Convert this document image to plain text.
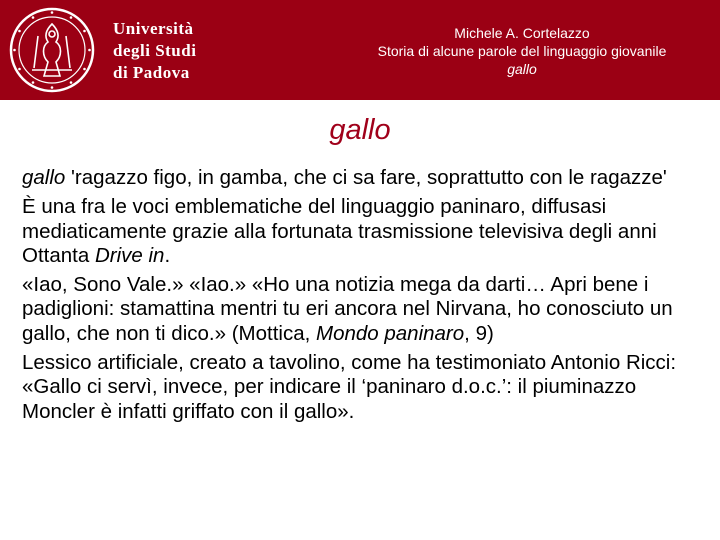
Università
degli Studi
di Padova
Michele A. Cortelazzo
Storia di alcune parole del linguaggio giovanile
gallo
gallo

gallo 'ragazzo figo, in gamba, che ci sa fare, soprattutto con le ragazze'

È una fra le voci emblematiche del linguaggio paninaro, diffusasi mediaticamente grazie alla fortunata trasmissione televisiva degli anni Ottanta Drive in.

«Iao, Sono Vale.» «Iao.» «Ho una notizia mega da darti… Apri bene i padiglioni: stamattina mentri tu eri ancora nel Nirvana, ho conosciuto un gallo, che non ti dico.» (Mottica, Mondo paninaro, 9)

Lessico artificiale, creato a tavolino, come ha testimoniato Antonio Ricci: «Gallo ci servì, invece, per indicare il ‘paninaro d.o.c.’: il piuminazzo Moncler è infatti griffato con il gallo».
